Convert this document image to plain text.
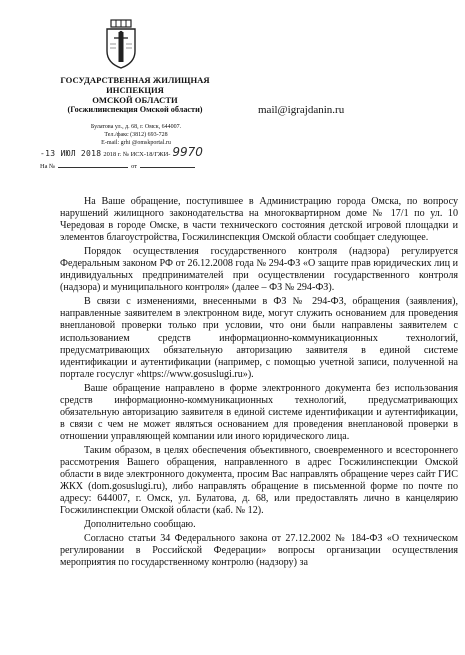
ГОСУДАРСТВЕННАЯ ЖИЛИЩНАЯ
ИНСПЕКЦИЯ
ОМСКОЙ ОБЛАСТИ
(Госжилинспекция Омской области)
Булатова ул., д. 68, г. Омск, 644007.
Тел./факс (3812) 693-728
E-mail: grhi @omskportal.ru
mail@igrajdanin.ru
-13 ИЮЛ 2018 2018 г. № ИСХ-18/ГЖИ- 9970
На №	от

На Ваше обращение, поступившее в Администрацию города Омска, по вопросу нарушений жилищного законодательства на многоквартирном доме № 17/1 по ул. 10 Чередовая в городе Омске, в части технического состояния детской игровой площадки и элементов благоустройства, Госжилинспекция Омской области сообщает следующее.

Порядок осуществления государственного контроля (надзора) регулируется Федеральным законом РФ от 26.12.2008 года № 294-ФЗ «О защите прав юридических лиц и индивидуальных предпринимателей при осуществлении государственного контроля (надзора) и муниципального контроля» (далее – ФЗ № 294-ФЗ).

В связи с изменениями, внесенными в ФЗ № 294-ФЗ, обращения (заявления), направленные заявителем в электронном виде, могут служить основанием для проведения внеплановой проверки только при условии, что они были направлены заявителем с использованием средств информационно-коммуникационных технологий, предусматривающих обязательную авторизацию заявителя в единой системе идентификации и аутентификации (например, с помощью учетной записи, полученной на портале госуслуг «https://www.gosuslugi.ru»).

Ваше обращение направлено в форме электронного документа без использования средств информационно-коммуникационных технологий, предусматривающих обязательную авторизацию заявителя в единой системе идентификации и аутентификации, в связи с чем не может являться основанием для проведения внеплановой проверки в отношении управляющей компании или иного юридического лица.

Таким образом, в целях обеспечения объективного, своевременного и всестороннего рассмотрения Вашего обращения, направленного в адрес Госжилинспекции Омской области в виде электронного документа, просим Вас направлять обращение через сайт ГИС ЖКХ (dom.gosuslugi.ru), либо направлять обращение в письменной форме по почте по адресу: 644007, г. Омск, ул. Булатова, д. 68, или предоставлять лично в канцелярию Госжилинспекции Омской области (каб. № 12).

Дополнительно сообщаю.

Согласно статьи 34 Федерального закона от 27.12.2002 № 184-ФЗ «О техническом регулировании в Российской Федерации» вопросы организации осуществления мероприятия по государственному контролю (надзору) за
